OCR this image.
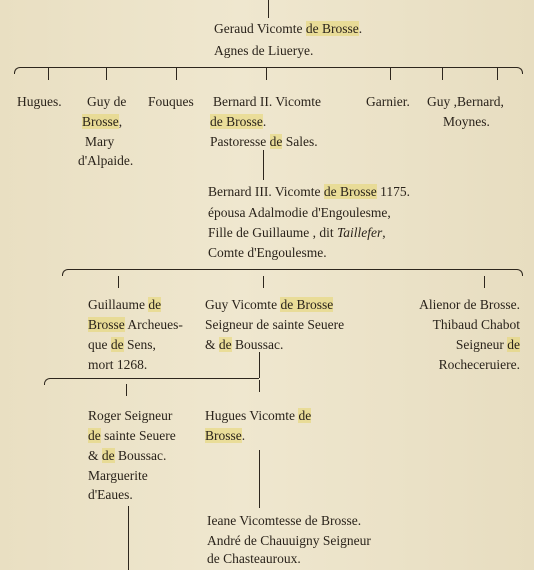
Geraud Vicomte de Brosse.
Agnes de Liuerye.
Hugues. Guy de
Brosse,
Mary
d'Alpaide.
Fouques Bernard II. Vicomte
de Brosse.
Pastoresse de Sales.
Garnier. Guy ,Bernard,
Moynes.
Bernard III. Vicomte de Brosse 1175.
épousa Adalmodie d'Engoulesme,
Fille de Guillaume , dit Taillefer,
Comte d'Engoulesme.
Guillaume de
Brosse Archeues-
que de Sens,
mort 1268.
Guy Vicomte de Brosse
Seigneur de sainte Seuere
& de Boussac.
Alienor de Brosse.
Thibaud Chabot
Seigneur de
Rocheceruiere.
Roger Seigneur
de sainte Seuere
& de Boussac.
Marguerite
d'Eaues.
Hugues Vicomte de
Brosse.
Ieane Vicomtesse de Brosse.
André de Chauuigny Seigneur
de Chasteauroux.
